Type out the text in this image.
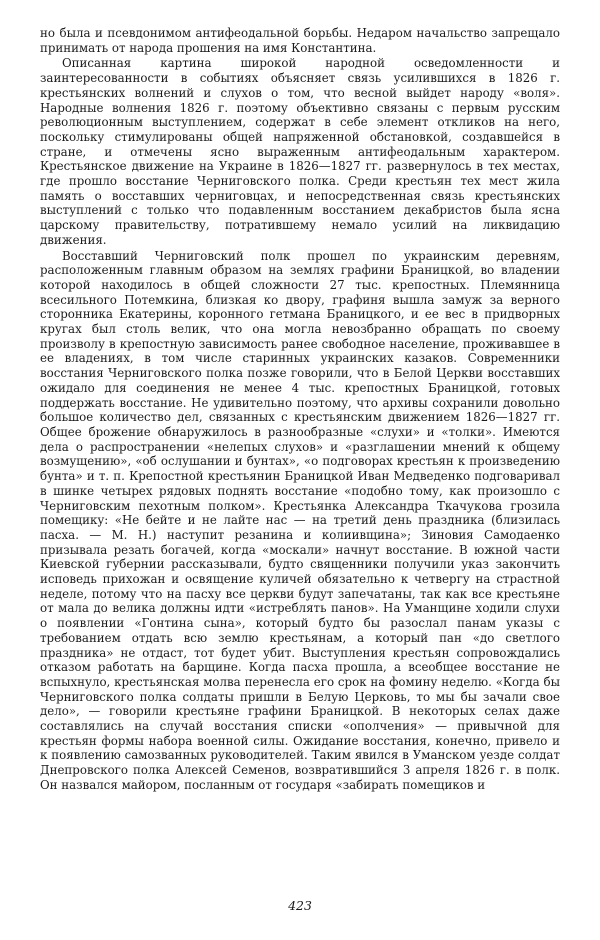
но была и псевдонимом антифеодальной борьбы. Недаром начальство запрещало принимать от народа прошения на имя Константина.

Описанная картина широкой народной осведомленности и заинтересованности в событиях объясняет связь усилившихся в 1826 г. крестьянских волнений и слухов о том, что весной выйдет народу «воля». Народные волнения 1826 г. поэтому объективно связаны с первым русским революционным выступлением, содержат в себе элемент откликов на него, поскольку стимулированы общей напряженной обстановкой, создавшейся в стране, и отмечены ясно выраженным антифеодальным характером. Крестьянское движение на Украине в 1826—1827 гг. развернулось в тех местах, где прошло восстание Черниговского полка. Среди крестьян тех мест жила память о восставших черниговцах, и непосредственная связь крестьянских выступлений с только что подавленным восстанием декабристов была ясна царскому правительству, потратившему немало усилий на ликвидацию движения.

Восставший Черниговский полк прошел по украинским деревням, расположенным главным образом на землях графини Браницкой, во владении которой находилось в общей сложности 27 тыс. крепостных. Племянница всесильного Потемкина, близкая ко двору, графиня вышла замуж за верного сторонника Екатерины, коронного гетмана Браницкого, и ее вес в придворных кругах был столь велик, что она могла невозбранно обращать по своему произволу в крепостную зависимость ранее свободное население, проживавшее в ее владениях, в том числе старинных украинских казаков. Современники восстания Черниговского полка позже говорили, что в Белой Церкви восставших ожидало для соединения не менее 4 тыс. крепостных Браницкой, готовых поддержать восстание. Не удивительно поэтому, что архивы сохранили довольно большое количество дел, связанных с крестьянским движением 1826—1827 гг. Общее брожение обнаружилось в разнообразные «слухи» и «толки». Имеются дела о распространении «нелепых слухов» и «разглашении мнений к общему возмущению», «об ослушании и бунтах», «о подговорах крестьян к произведению бунта» и т. п. Крепостной крестьянин Браницкой Иван Медведенко подговаривал в шинке четырех рядовых поднять восстание «подобно тому, как произошло с Черниговским пехотным полком». Крестьянка Александра Ткачукова грозила помещику: «Не бейте и не лайте нас — на третий день праздника (близилась пасха. — М. Н.) наступит резанина и колиивщина»; Зиновия Самодаенко призывала резать богачей, когда «москали» начнут восстание. В южной части Киевской губернии рассказывали, будто священники получили указ закончить исповедь прихожан и освящение куличей обязательно к четвергу на страстной неделе, потому что на пасху все церкви будут запечатаны, так как все крестьяне от мала до велика должны идти «истреблять панов». На Уманщине ходили слухи о появлении «Гонтина сына», который будто бы разослал панам указы с требованием отдать всю землю крестьянам, а который пан «до светлого праздника» не отдаст, тот будет убит. Выступления крестьян сопровождались отказом работать на барщине. Когда пасха прошла, а всеобщее восстание не вспыхнуло, крестьянская молва перенесла его срок на фомину неделю. «Когда бы Черниговского полка солдаты пришли в Белую Церковь, то мы бы зачали свое дело», — говорили крестьяне графини Браницкой. В некоторых селах даже составлялись на случай восстания списки «ополчения» — привычной для крестьян формы набора военной силы. Ожидание восстания, конечно, привело и к появлению самозванных руководителей. Таким явился в Уманском уезде солдат Днепровского полка Алексей Семенов, возвратившийся 3 апреля 1826 г. в полк. Он назвался майором, посланным от государя «забирать помещиков и

423
